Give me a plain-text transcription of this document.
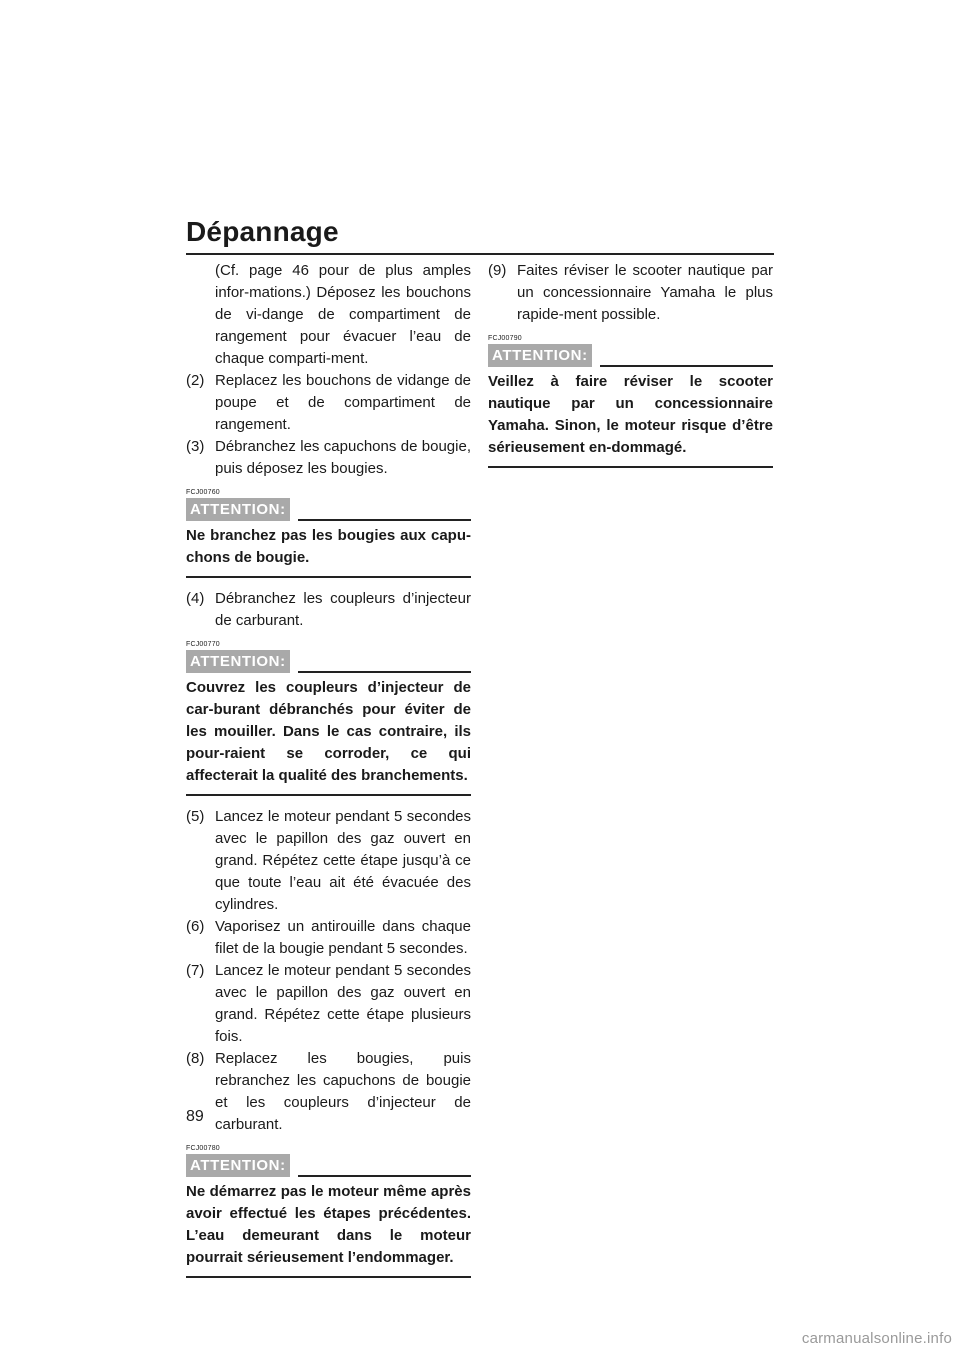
Dépannage

(Cf. page 46 pour de plus amples infor-mations.) Déposez les bouchons de vi-dange de compartiment de rangement pour évacuer l’eau de chaque comparti-ment.

(2) Replacez les bouchons de vidange de poupe et de compartiment de rangement.
(3) Débranchez les capuchons de bougie, puis déposez les bougies.
FCJ00760
ATTENTION:
Ne branchez pas les bougies aux capu-chons de bougie.
(4) Débranchez les coupleurs d’injecteur de carburant.
FCJ00770
ATTENTION:
Couvrez les coupleurs d’injecteur de car-burant débranchés pour éviter de les mouiller. Dans le cas contraire, ils pour-raient se corroder, ce qui affecterait la qualité des branchements.
(5) Lancez le moteur pendant 5 secondes avec le papillon des gaz ouvert en grand. Répétez cette étape jusqu’à ce que toute l’eau ait été évacuée des cylindres.
(6) Vaporisez un antirouille dans chaque filet de la bougie pendant 5 secondes.
(7) Lancez le moteur pendant 5 secondes avec le papillon des gaz ouvert en grand. Répétez cette étape plusieurs fois.
(8) Replacez les bougies, puis rebranchez les capuchons de bougie et les coupleurs d’injecteur de carburant.
FCJ00780
ATTENTION:
Ne démarrez pas le moteur même après avoir effectué les étapes précédentes. L’eau demeurant dans le moteur pourrait sérieusement l’endommager.
(9) Faites réviser le scooter nautique par un concessionnaire Yamaha le plus rapide-ment possible.
FCJ00790
ATTENTION:
Veillez à faire réviser le scooter nautique par un concessionnaire Yamaha. Sinon, le moteur risque d’être sérieusement en-dommagé.
89
carmanualsonline.info
